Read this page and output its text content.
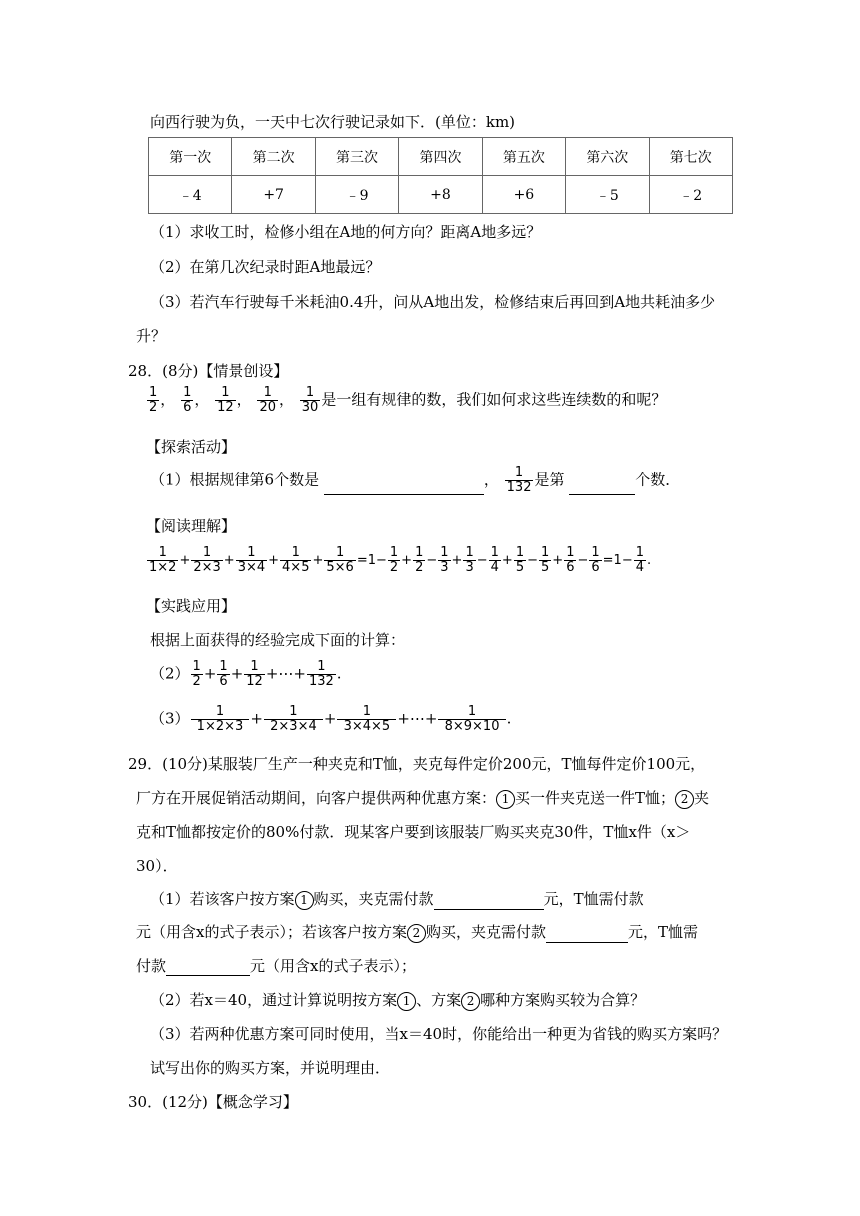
向西行驶为负，一天中七次行驶记录如下．(单位：km)
第一次	第二次	第三次	第四次	第五次	第六次	第七次
﹣4	+7	﹣9	+8	+6	﹣5	﹣2
（1）求收工时，检修小组在A地的何方向？距离A地多远？
（2）在第几次纪录时距A地最远？
（3）若汽车行驶每千米耗油0.4升，问从A地出发，检修结束后再回到A地共耗油多少
升？
28．(8分)【情景创设】
$\frac{1}{2}$ ， $\frac{1}{6}$ ， $\frac{1}{12}$ ， $\frac{1}{20}$ ， $\frac{1}{30}$ 是一组有规律的数，我们如何求这些连续数的和呢？
【探索活动】
（1）根据规律第6个数是	， $\frac{1}{132}$ 是第	个数．
【阅读理解】
$\frac{1}{1\times 2} + \frac{1}{2\times 3} + \frac{1}{3\times 4} + \frac{1}{4\times 5} + \frac{1}{5\times 6} =1- \frac{1}{2} + \frac{1}{2} - \frac{1}{3} + \frac{1}{3} - \frac{1}{4} + \frac{1}{5} - \frac{1}{5} + \frac{1}{6} - \frac{1}{6} =1- \frac{1}{4}$ .
【实践应用】
根据上面获得的经验完成下面的计算：
$(2) \frac{1}{2} + \frac{1}{6} + \frac{1}{12}$ +⋯+ $\frac{1}{132}$ .
$(3) \frac{1}{1\times 2\times 3} + \frac{1}{2\times 3\times 4} + \frac{1}{3\times 4\times 5}$ +⋯+ $\frac{1}{8\times 9\times 10}$ .
29．(10分)某服装厂生产一种夹克和T恤，夹克每件定价200元，T恤每件定价100元，
厂方在开展促销活动期间，向客户提供两种优惠方案： 1 买一件夹克送一件T恤； 2 夹
克和T恤都按定价的80%付款．现某客户要到该服装厂购买夹克30件，T恤x件（x＞
30）．
（1）若该客户按方案 1 购买，夹克需付款	元，T恤需付款
元（用含x的式子表示）；若该客户按方案 2 购买，夹克需付款	元，T恤需
付款	元（用含x的式子表示）；
（2）若x＝40，通过计算说明按方案 1 、方案 2 哪种方案购买较为合算？
（3）若两种优惠方案可同时使用，当x＝40时，你能给出一种更为省钱的购买方案吗？
试写出你的购买方案，并说明理由．
30．(12分)【概念学习】
